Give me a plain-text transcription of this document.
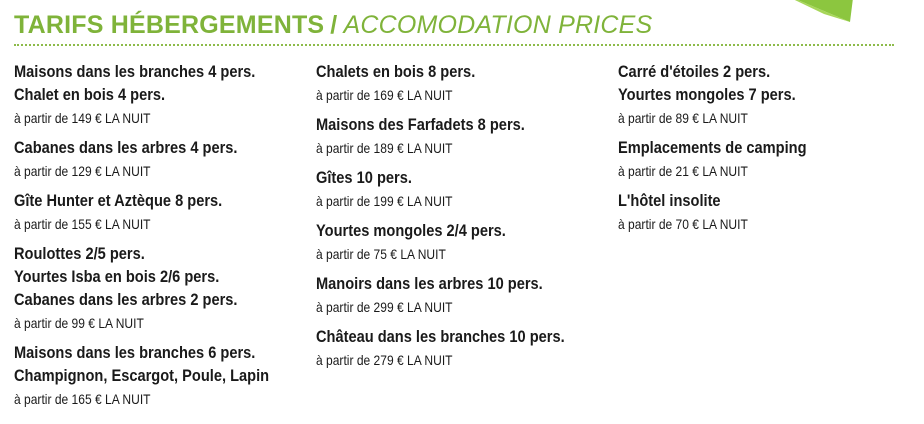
TARIFS HÉBERGEMENTS / ACCOMODATION PRICES
Maisons dans les branches 4 pers.
Chalet en bois 4 pers.
à partir de 149 € LA NUIT
Cabanes dans les arbres 4 pers.
à partir de 129 € LA NUIT
Gîte Hunter et Aztèque 8 pers.
à partir de 155 € LA NUIT
Roulottes 2/5 pers.
Yourtes Isba en bois 2/6 pers.
Cabanes dans les arbres 2 pers.
à partir de 99 € LA NUIT
Maisons dans les branches 6 pers.
Champignon, Escargot, Poule, Lapin
à partir de 165 € LA NUIT
Chalets en bois 8 pers.
à partir de 169 € LA NUIT
Maisons des Farfadets 8 pers.
à partir de 189 € LA NUIT
Gîtes 10 pers.
à partir de 199 € LA NUIT
Yourtes mongoles 2/4 pers.
à partir de 75 € LA NUIT
Manoirs dans les arbres 10 pers.
à partir de 299 € LA NUIT
Château dans les branches 10 pers.
à partir de 279 € LA NUIT
Carré d'étoiles 2 pers.
Yourtes mongoles 7 pers.
à partir de 89 € LA NUIT
Emplacements de camping
à partir de 21 € LA NUIT
L'hôtel insolite
à partir de 70 € LA NUIT
